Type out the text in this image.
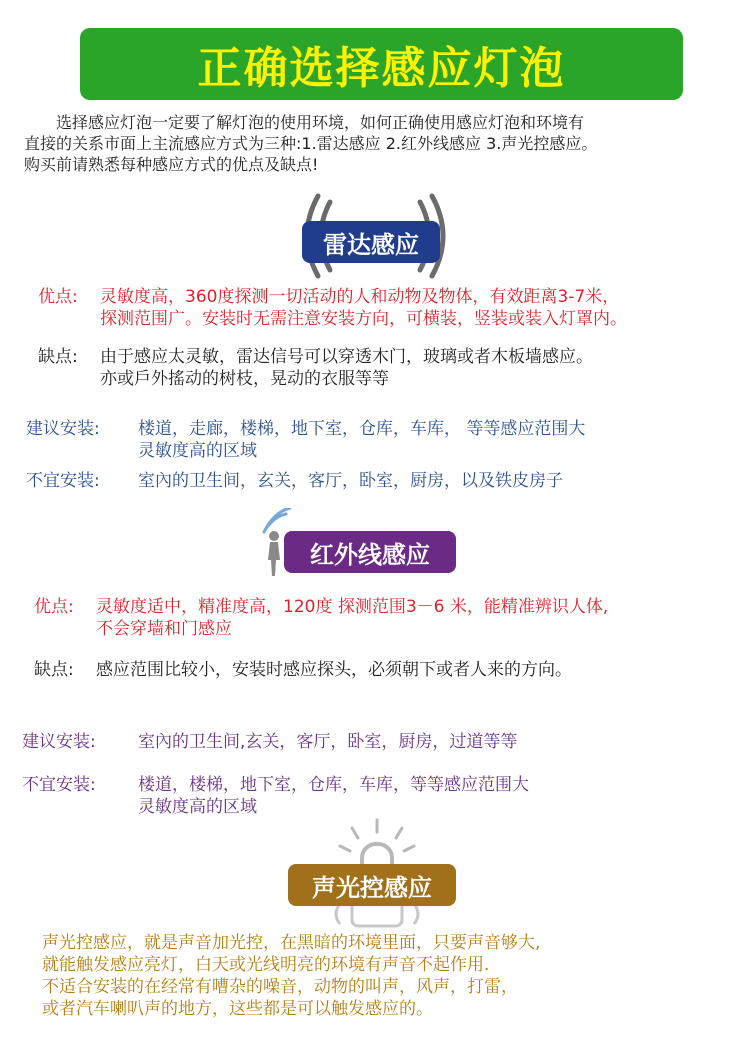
正确选择感应灯泡

选择感应灯泡一定要了解灯泡的使用环境，如何正确使用感应灯泡和环境有

直接的关系市面上主流感应方式为三种:1.雷达感应 2.红外线感应 3.声光控感应。

购买前请熟悉每种感应方式的优点及缺点!

雷达感应
优点: 灵敏度高，360度探测一切活动的人和动物及物体，有效距离3-7米，
探测范围广。安装时无需注意安装方向，可横装，竖装或装入灯罩内。
缺点: 由于感应太灵敏，雷达信号可以穿透木门，玻璃或者木板墙感应。
亦或戶外搖动的树枝，晃动的衣服等等
建议安装: 楼道，走廊，楼梯，地下室，仓库，车库， 等等感应范围大
灵敏度高的区域
不宜安装: 室內的卫生间，玄关，客厅，卧室，厨房，以及铁皮房子
红外线感应
优点: 灵敏度适中，精准度高，120度 探测范围3－6 米，能精准辨识人体,
不会穿墙和门感应
缺点: 感应范围比较小，安装时感应探头，必须朝下或者人来的方向。
建议安装: 室內的卫生间,玄关，客厅，卧室，厨房，过道等等
不宜安装: 楼道，楼梯，地下室，仓库，车库，等等感应范围大
灵敏度高的区域
声光控感应

声光控感应，就是声音加光控，在黑暗的环境里面，只要声音够大,

就能触发感应亮灯，白天或光线明亮的环境有声音不起作用.

不适合安装的在经常有嘈杂的噪音，动物的叫声，风声，打雷，

或者汽车喇叭声的地方，这些都是可以触发感应的。
